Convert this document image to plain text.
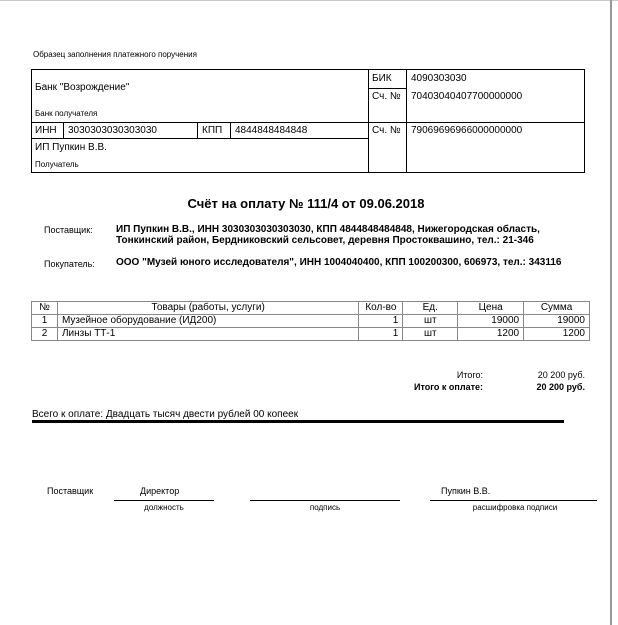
Образец заполнения платежного поручения
Банк "Возрождение"
Банк получателя
БИК 4090303030
Сч. № 70403040407700000000
ИНН 3030303030303030	КПП 4844848484848	Сч. № 79069696966000000000
ИП Пупкин В.В.
Получатель
Счёт на оплату № 111/4 от 09.06.2018
Поставщик: ИП Пупкин В.В., ИНН 3030303030303030, КПП 4844848484848, Нижегородская область, Тонкинский район, Бердниковский сельсовет, деревня Простоквашино, тел.: 21-346
Покупатель: ООО "Музей юного исследователя", ИНН 1004040400, КПП 100200300, 606973, тел.: 343116
№	Товары (работы, услуги)	Кол-во	Ед.	Цена	Сумма
1	Музейное оборудование (ИД200)	1	шт	19000	19000
2	Линзы ТТ-1	1	шт	1200	1200
Итого:	20 200 руб.
Итого к оплате:	20 200 руб.
Всего к оплате: Двадцать тысяч двести рублей 00 копеек
Поставщик	Директор
должность	подпись
Пупкин В.В.
расшифровка подписи
